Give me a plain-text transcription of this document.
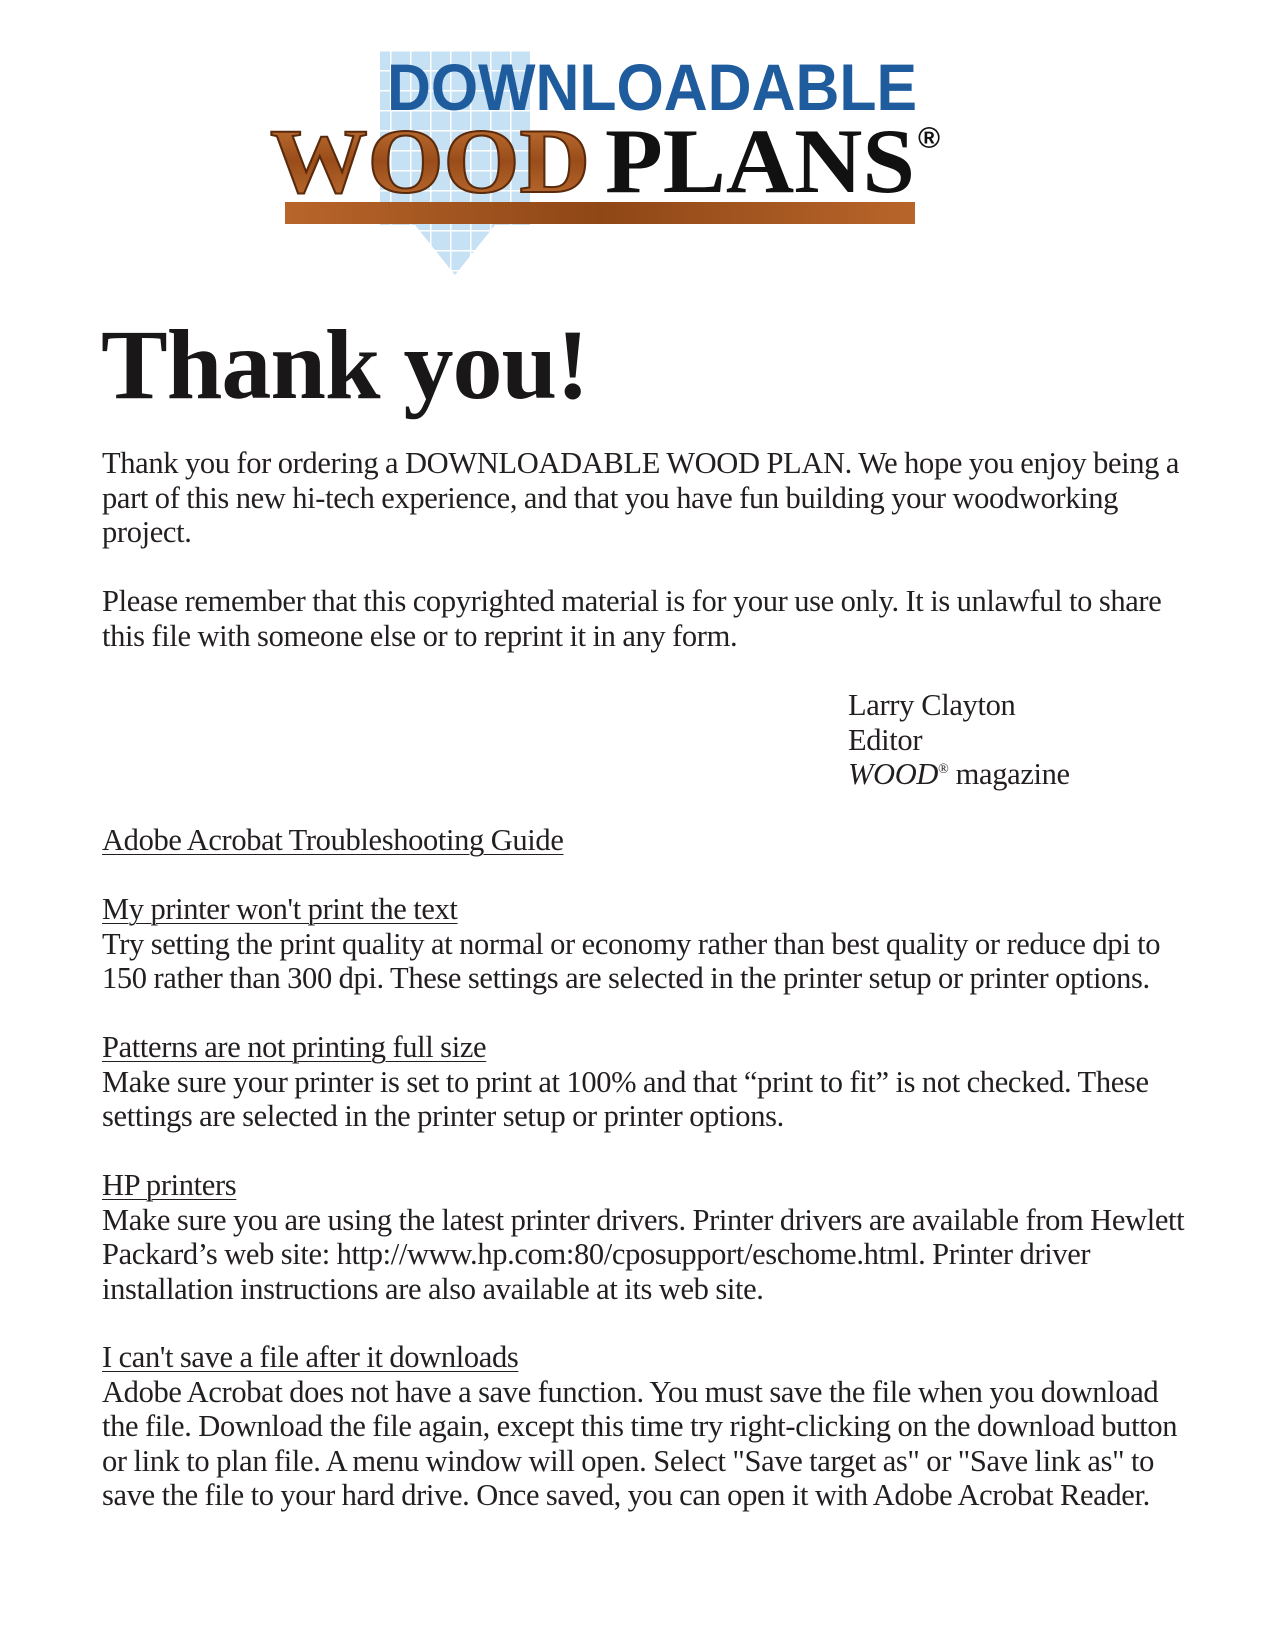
DOWNLOADABLE
WOOD PLANS ®
Thank you!

Thank you for ordering a DOWNLOADABLE WOOD PLAN. We hope you enjoy being a part of this new hi-tech experience, and that you have fun building your woodworking project.

Please remember that this copyrighted material is for your use only. It is unlawful to share this file with someone else or to reprint it in any form.

Larry Clayton
Editor
WOOD® magazine
Adobe Acrobat Troubleshooting Guide
My printer won't print the text
Try setting the print quality at normal or economy rather than best quality or reduce dpi to 150 rather than 300 dpi. These settings are selected in the printer setup or printer options.
Patterns are not printing full size
Make sure your printer is set to print at 100% and that “print to fit” is not checked. These settings are selected in the printer setup or printer options.
HP printers
Make sure you are using the latest printer drivers. Printer drivers are available from Hewlett Packard’s web site: http://www.hp.com:80/cposupport/eschome.html. Printer driver installation instructions are also available at its web site.
I can't save a file after it downloads
Adobe Acrobat does not have a save function. You must save the file when you download the file. Download the file again, except this time try right-clicking on the download button or link to plan file. A menu window will open. Select "Save target as" or "Save link as" to save the file to your hard drive. Once saved, you can open it with Adobe Acrobat Reader.
